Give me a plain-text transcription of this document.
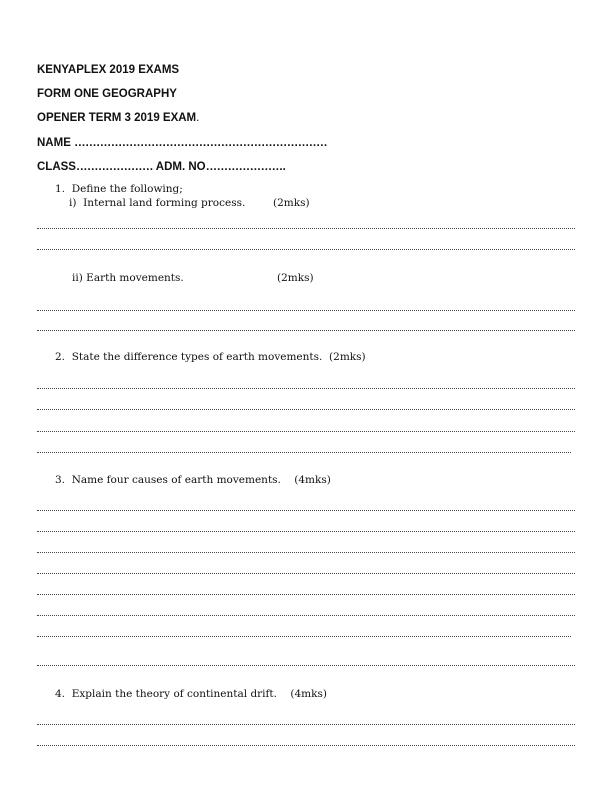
KENYAPLEX 2019 EXAMS
FORM ONE GEOGRAPHY
OPENER TERM 3 2019 EXAM.
NAME ……………………………………………………………
CLASS………………… ADM. NO………………….
1. Define the following;
i) Internal land forming process.	(2mks)
ii) Earth movements.	(2mks)
2. State the difference types of earth movements. (2mks)
3. Name four causes of earth movements. (4mks)
4. Explain the theory of continental drift. (4mks)
